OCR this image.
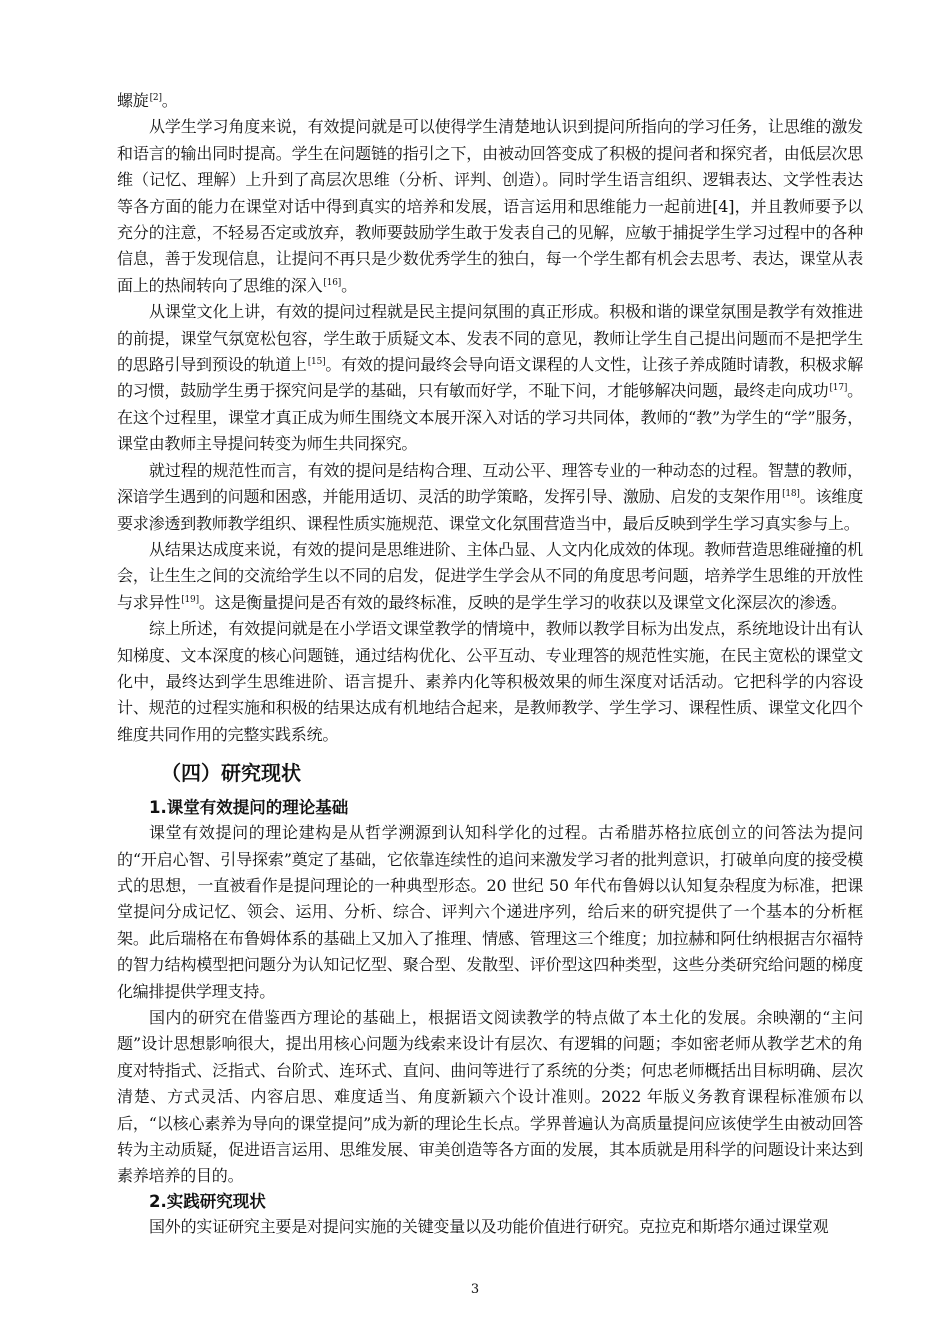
螺旋[2]。

从学生学习角度来说，有效提问就是可以使得学生清楚地认识到提问所指向的学习任务，让思维的激发和语言的输出同时提高。学生在问题链的指引之下，由被动回答变成了积极的提问者和探究者，由低层次思维（记忆、理解）上升到了高层次思维（分析、评判、创造）。同时学生语言组织、逻辑表达、文学性表达等各方面的能力在课堂对话中得到真实的培养和发展，语言运用和思维能力一起前进[4]，并且教师要予以充分的注意，不轻易否定或放弃，教师要鼓励学生敢于发表自己的见解，应敏于捕捉学生学习过程中的各种信息，善于发现信息，让提问不再只是少数优秀学生的独白，每一个学生都有机会去思考、表达，课堂从表面上的热闹转向了思维的深入[16]。

从课堂文化上讲，有效的提问过程就是民主提问氛围的真正形成。积极和谐的课堂氛围是教学有效推进的前提，课堂气氛宽松包容，学生敢于质疑文本、发表不同的意见，教师让学生自己提出问题而不是把学生的思路引导到预设的轨道上[15]。有效的提问最终会导向语文课程的人文性，让孩子养成随时请教，积极求解的习惯，鼓励学生勇于探究问是学的基础，只有敏而好学，不耻下问，才能够解决问题，最终走向成功[17]。在这个过程里，课堂才真正成为师生围绕文本展开深入对话的学习共同体，教师的“教”为学生的“学”服务，课堂由教师主导提问转变为师生共同探究。

就过程的规范性而言，有效的提问是结构合理、互动公平、理答专业的一种动态的过程。智慧的教师，深谙学生遇到的问题和困惑，并能用适切、灵活的助学策略，发挥引导、激励、启发的支架作用[18]。该维度要求渗透到教师教学组织、课程性质实施规范、课堂文化氛围营造当中，最后反映到学生学习真实参与上。

从结果达成度来说，有效的提问是思维进阶、主体凸显、人文内化成效的体现。教师营造思维碰撞的机会，让生生之间的交流给学生以不同的启发，促进学生学会从不同的角度思考问题，培养学生思维的开放性与求异性[19]。这是衡量提问是否有效的最终标准，反映的是学生学习的收获以及课堂文化深层次的渗透。

综上所述，有效提问就是在小学语文课堂教学的情境中，教师以教学目标为出发点，系统地设计出有认知梯度、文本深度的核心问题链，通过结构优化、公平互动、专业理答的规范性实施，在民主宽松的课堂文化中，最终达到学生思维进阶、语言提升、素养内化等积极效果的师生深度对话活动。它把科学的内容设计、规范的过程实施和积极的结果达成有机地结合起来，是教师教学、学生学习、课程性质、课堂文化四个维度共同作用的完整实践系统。

（四）研究现状
1.课堂有效提问的理论基础

课堂有效提问的理论建构是从哲学溯源到认知科学化的过程。古希腊苏格拉底创立的问答法为提问的“开启心智、引导探索”奠定了基础，它依靠连续性的追问来激发学习者的批判意识，打破单向度的接受模式的思想，一直被看作是提问理论的一种典型形态。20 世纪 50 年代布鲁姆以认知复杂程度为标准，把课堂提问分成记忆、领会、运用、分析、综合、评判六个递进序列，给后来的研究提供了一个基本的分析框架。此后瑞格在布鲁姆体系的基础上又加入了推理、情感、管理这三个维度；加拉赫和阿仕纳根据吉尔福特的智力结构模型把问题分为认知记忆型、聚合型、发散型、评价型这四种类型，这些分类研究给问题的梯度化编排提供学理支持。

国内的研究在借鉴西方理论的基础上，根据语文阅读教学的特点做了本土化的发展。余映潮的“主问题”设计思想影响很大，提出用核心问题为线索来设计有层次、有逻辑的问题；李如密老师从教学艺术的角度对特指式、泛指式、台阶式、连环式、直问、曲问等进行了系统的分类；何忠老师概括出目标明确、层次清楚、方式灵活、内容启思、难度适当、角度新颖六个设计准则。2022 年版义务教育课程标准颁布以后，“以核心素养为导向的课堂提问”成为新的理论生长点。学界普遍认为高质量提问应该使学生由被动回答转为主动质疑，促进语言运用、思维发展、审美创造等各方面的发展，其本质就是用科学的问题设计来达到素养培养的目的。

2.实践研究现状

国外的实证研究主要是对提问实施的关键变量以及功能价值进行研究。克拉克和斯塔尔通过课堂观

3
